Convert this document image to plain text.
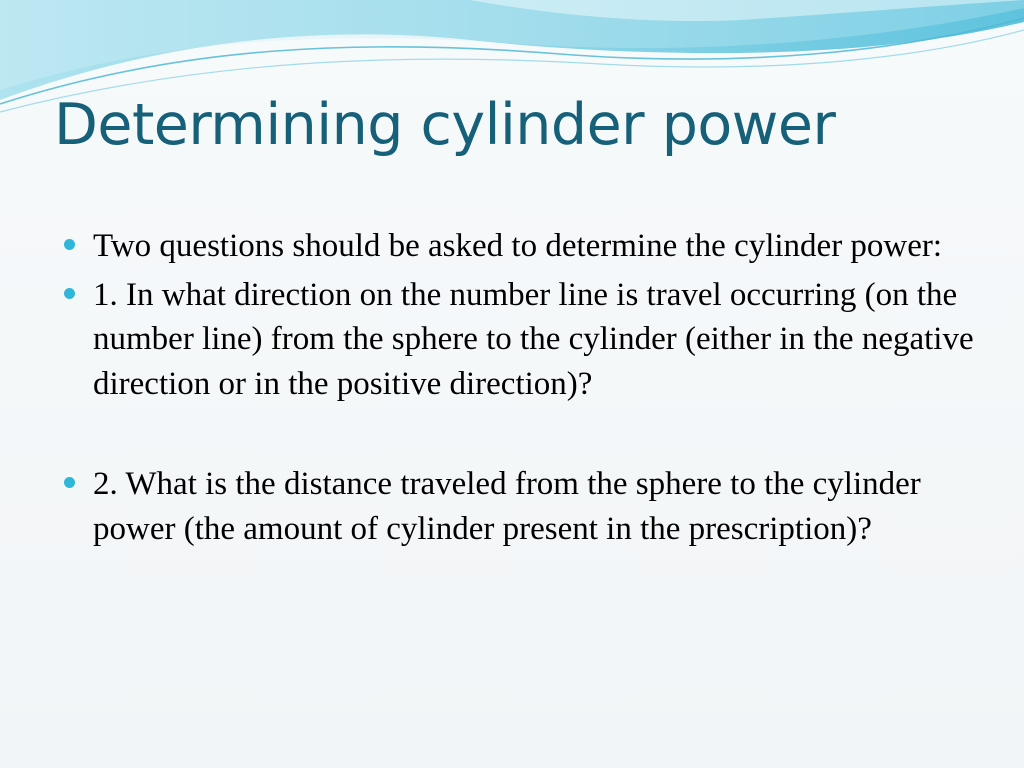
Determining cylinder power
Two questions should be asked to determine the cylinder power:
1. In what direction on the number line is travel occurring (on the number line) from the sphere to the cylinder (either in the negative direction or in the positive direction)?
2. What is the distance traveled from the sphere to the cylinder power (the amount of cylinder present in the prescription)?
